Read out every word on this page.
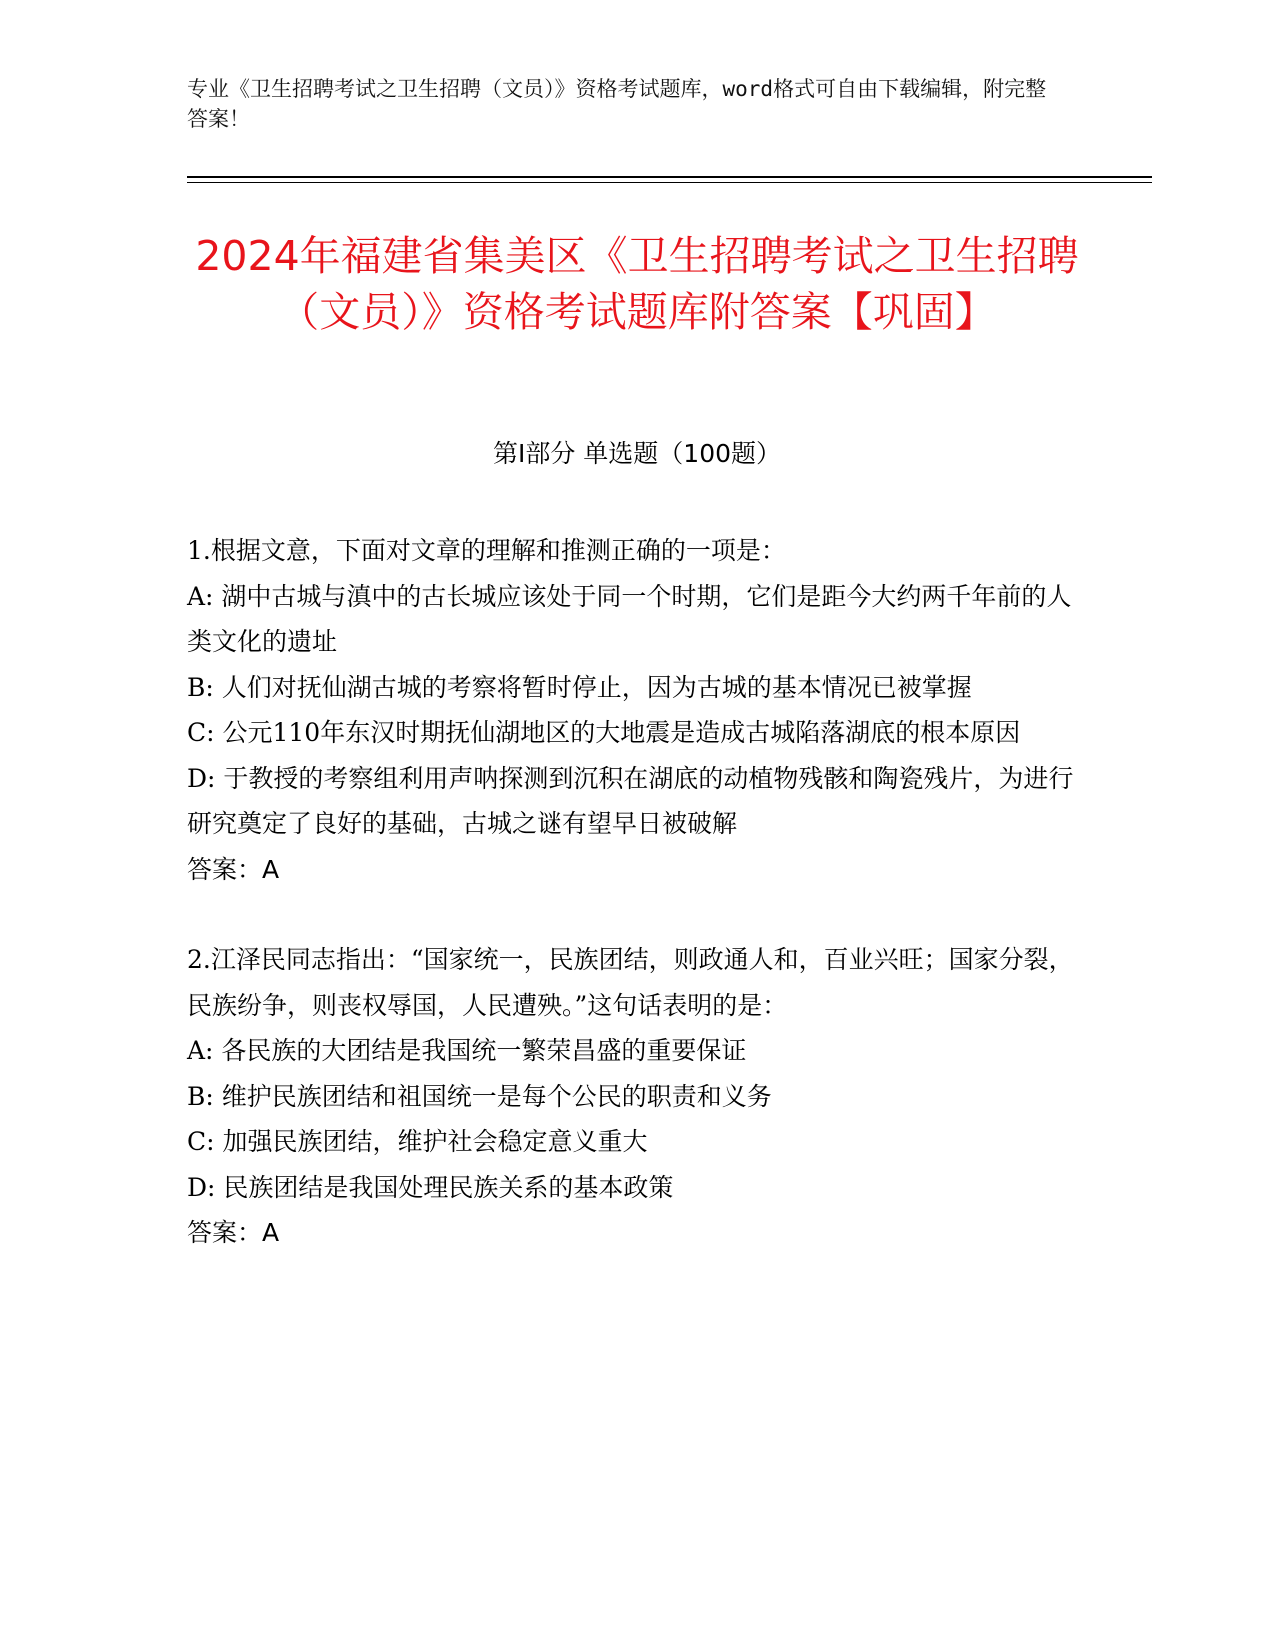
专业《卫生招聘考试之卫生招聘（文员）》资格考试题库，word格式可自由下载编辑，附完整答案！
2024年福建省集美区《卫生招聘考试之卫生招聘（文员）》资格考试题库附答案【巩固】
第I部分 单选题（100题）

1.根据文意，下面对文章的理解和推测正确的一项是：

A: 湖中古城与滇中的古长城应该处于同一个时期，它们是距今大约两千年前的人类文化的遗址

B: 人们对抚仙湖古城的考察将暂时停止，因为古城的基本情况已被掌握

C: 公元110年东汉时期抚仙湖地区的大地震是造成古城陷落湖底的根本原因

D: 于教授的考察组利用声呐探测到沉积在湖底的动植物残骸和陶瓷残片，为进行研究奠定了良好的基础，古城之谜有望早日被破解

答案：A

2.江泽民同志指出：“国家统一，民族团结，则政通人和，百业兴旺；国家分裂，民族纷争，则丧权辱国，人民遭殃。”这句话表明的是：

A: 各民族的大团结是我国统一繁荣昌盛的重要保证

B: 维护民族团结和祖国统一是每个公民的职责和义务

C: 加强民族团结，维护社会稳定意义重大

D: 民族团结是我国处理民族关系的基本政策

答案：A
